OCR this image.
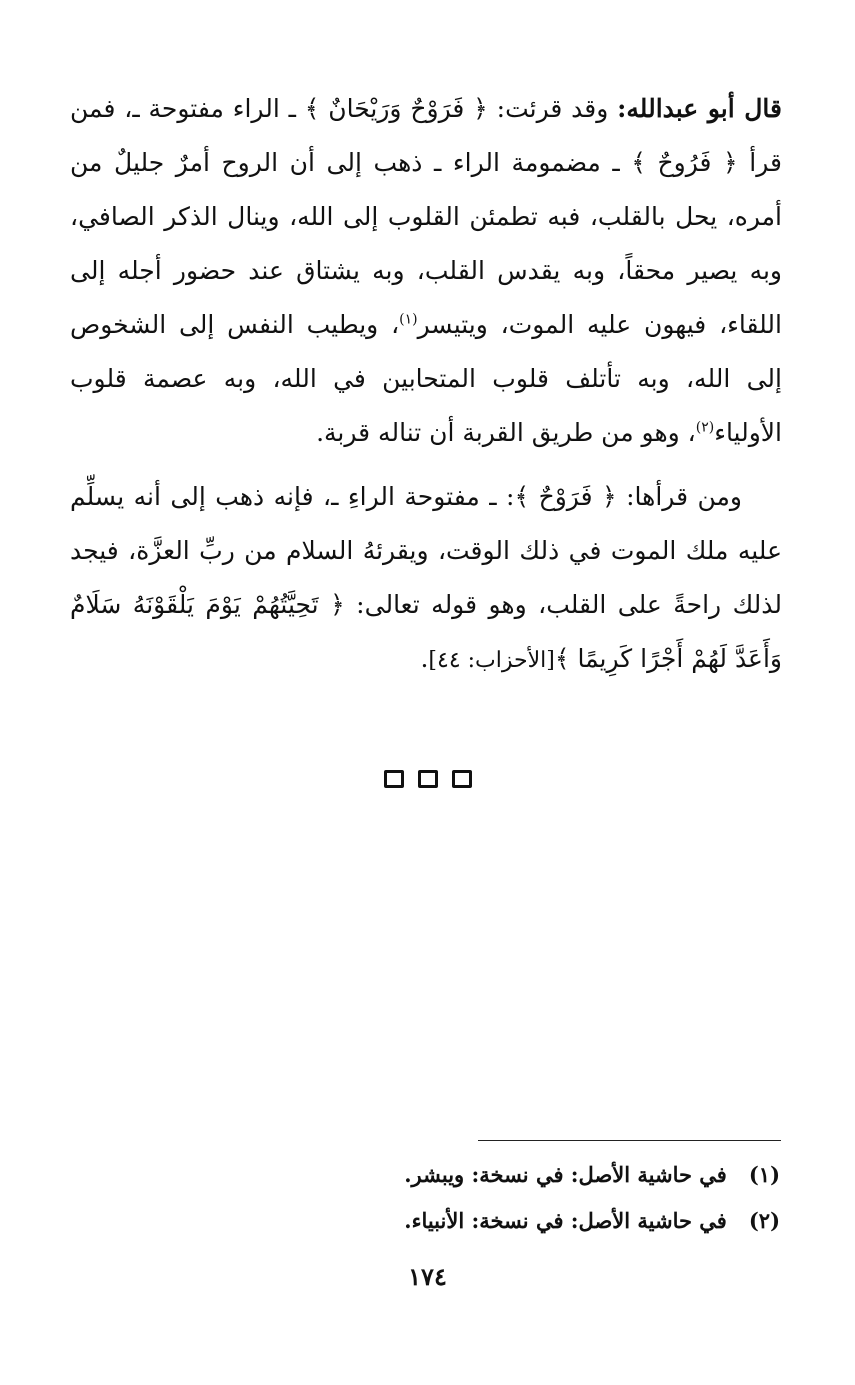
قال أبو عبدالله: وقد قرئت: ﴿ فَرَوْحٌ وَرَيْحَانٌ ﴾ ـ الراء مفتوحة ـ، فمن قرأ ﴿ فَرُوحٌ ﴾ ـ مضمومة الراء ـ ذهب إلى أن الروح أمرٌ جليلٌ من أمره، يحل بالقلب، فبه تطمئن القلوب إلى الله، وينال الذكر الصافي، وبه يصير محقاً، وبه يقدس القلب، وبه يشتاق عند حضور أجله إلى اللقاء، فيهون عليه الموت، ويتيسر$^{(١)}$، ويطيب النفس إلى الشخوص إلى الله، وبه تأتلف قلوب المتحابين في الله، وبه عصمة قلوب الأولياء$^{(٢)}$، وهو من طريق القربة أن تناله قربة.

ومن قرأها: ﴿ فَرَوْحٌ ﴾: ـ مفتوحة الراءِ ـ، فإنه ذهب إلى أنه يسلِّم عليه ملك الموت في ذلك الوقت، ويقرئهُ السلام من ربِّ العزَّة، فيجد لذلك راحةً على القلب، وهو قوله تعالى: ﴿ تَحِيَّتُهُمْ يَوْمَ يَلْقَوْنَهُ سَلَامٌ وَأَعَدَّ لَهُمْ أَجْرًا كَرِيمًا ﴾[الأحزاب: ٤٤].

(١)
في حاشية الأصل: في نسخة: ويبشر.
(٢)
في حاشية الأصل: في نسخة: الأنبياء.
١٧٤
